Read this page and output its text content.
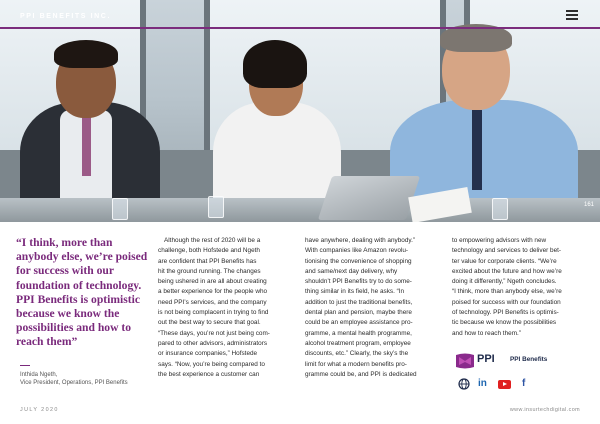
PPI BENEFITS INC.
161
“I think, more than anybody else, we’re poised for success with our foundation of technology. PPI Benefits is optimistic because we know the possibilities and how to reach them”
Inthida Ngeth,
Vice President, Operations, PPI Benefits

Although the rest of 2020 will be a

challenge, both Hofstede and Ngeth

are confident that PPI Benefits has

hit the ground running. The changes

being ushered in are all about creating

a better experience for the people who

need PPI’s services, and the company

is not being complacent in trying to find

out the best way to secure that goal.

“These days, you’re not just being com-

pared to other advisors, administrators

or insurance companies,” Hofstede

says. “Now, you’re being compared to

the best experience a customer can

have anywhere, dealing with anybody.”

With companies like Amazon revolu-

tionising the convenience of shopping

and same/next day delivery, why

shouldn’t PPI Benefits try to do some-

thing similar in its field, he asks. “In

addition to just the traditional benefits,

dental plan and pension, maybe there

could be an employee assistance pro-

gramme, a mental health programme,

alcohol treatment program, employee

discounts, etc.” Clearly, the sky’s the

limit for what a modern benefits pro-

gramme could be, and PPI is dedicated

to empowering advisors with new

technology and services to deliver bet-

ter value for corporate clients. “We’re

excited about the future and how we’re

doing it differently,” Ngeth concludes.

“I think, more than anybody else, we’re

poised for success with our foundation

of technology. PPI Benefits is optimis-

tic because we know the possibilities

and how to reach them.”

PPI PPI Benefits
in	f
JULY 2020	www.insurtechdigital.com
